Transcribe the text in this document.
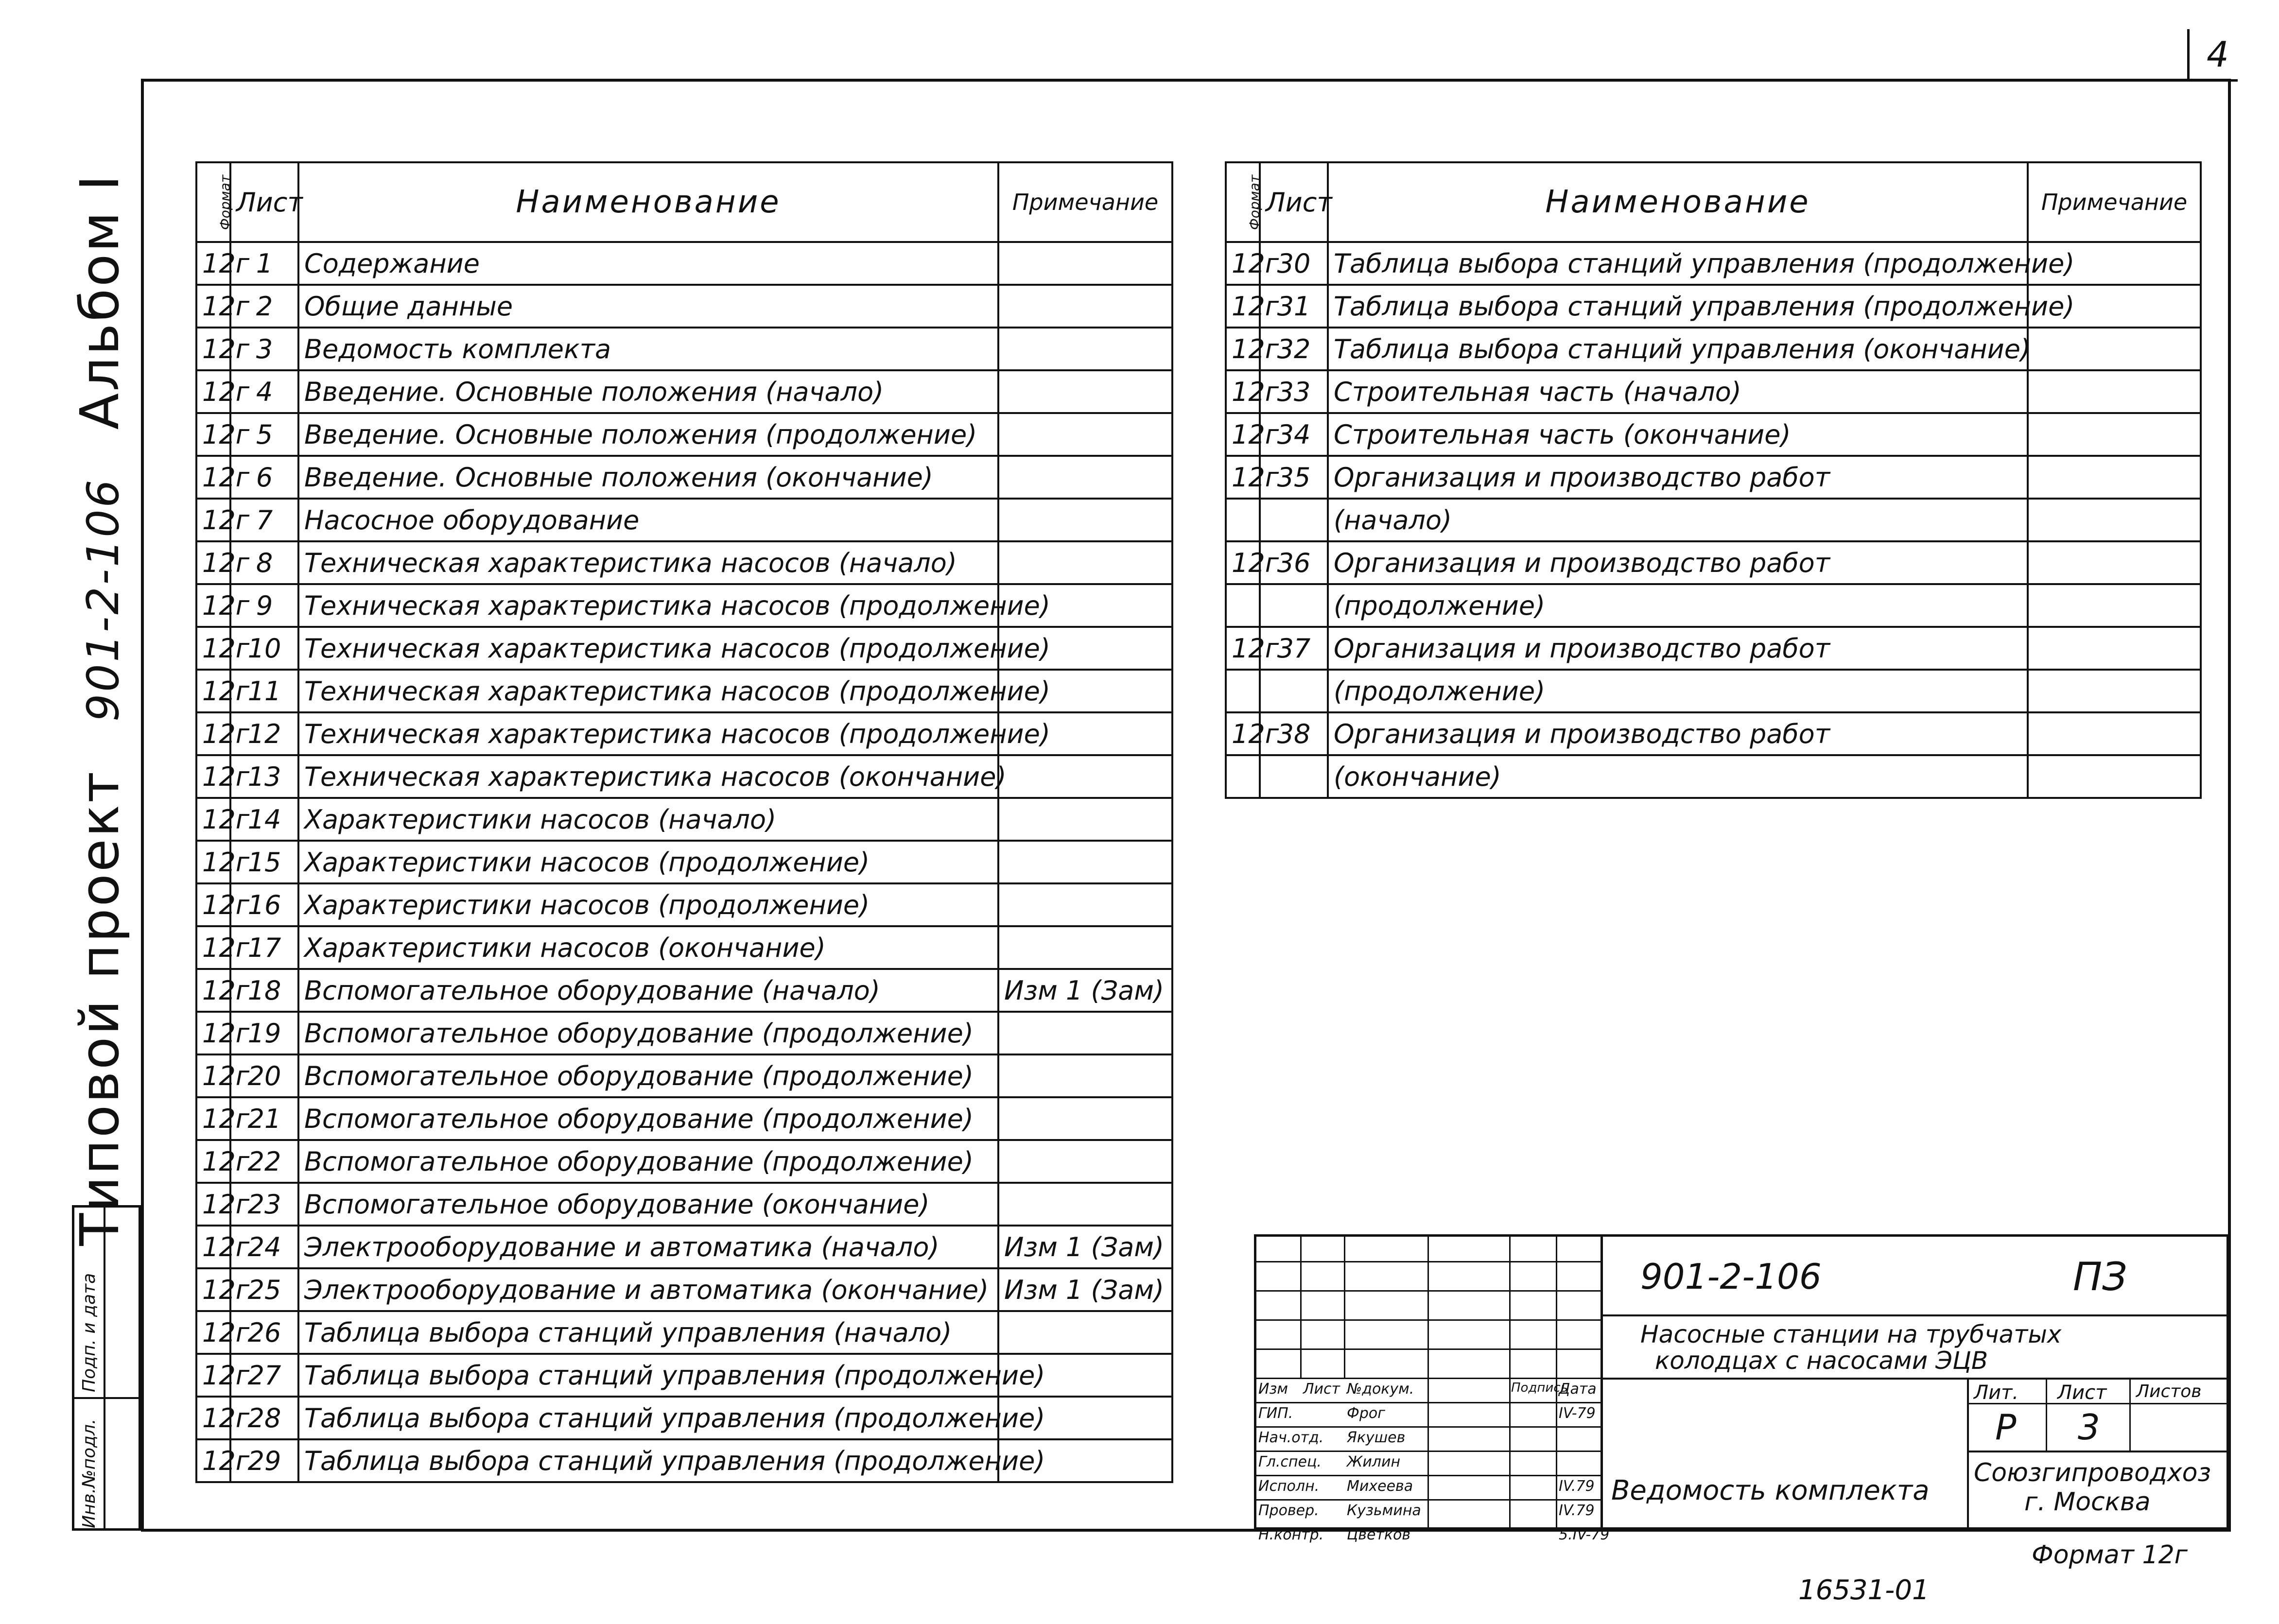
4
Типовой проект 901-2-106 Альбом I
Подп. и дата
Инв.№подл.
Формат	Лист	Наименование	Примечание
12г	1	Содержание	
12г	2	Общие данные	
12г	3	Ведомость комплекта	
12г	4	Введение. Основные положения (начало)	
12г	5	Введение. Основные положения (продолжение)	
12г	6	Введение. Основные положения (окончание)	
12г	7	Насосное оборудование	
12г	8	Техническая характеристика насосов (начало)	
12г	9	Техническая характеристика насосов (продолжение)	
12г	10	Техническая характеристика насосов (продолжение)	
12г	11	Техническая характеристика насосов (продолжение)	
12г	12	Техническая характеристика насосов (продолжение)	
12г	13	Техническая характеристика насосов (окончание)	
12г	14	Характеристики насосов (начало)	
12г	15	Характеристики насосов (продолжение)	
12г	16	Характеристики насосов (продолжение)	
12г	17	Характеристики насосов (окончание)	
12г	18	Вспомогательное оборудование (начало)	Изм 1 (Зам)
12г	19	Вспомогательное оборудование (продолжение)	
12г	20	Вспомогательное оборудование (продолжение)	
12г	21	Вспомогательное оборудование (продолжение)	
12г	22	Вспомогательное оборудование (продолжение)	
12г	23	Вспомогательное оборудование (окончание)	
12г	24	Электрооборудование и автоматика (начало)	Изм 1 (Зам)
12г	25	Электрооборудование и автоматика (окончание)	Изм 1 (Зам)
12г	26	Таблица выбора станций управления (начало)	
12г	27	Таблица выбора станций управления (продолжение)	
12г	28	Таблица выбора станций управления (продолжение)	
12г	29	Таблица выбора станций управления (продолжение)	
Формат	Лист	Наименование	Примечание
12г	30	Таблица выбора станций управления (продолжение)	
12г	31	Таблица выбора станций управления (продолжение)	
12г	32	Таблица выбора станций управления (окончание)	
12г	33	Строительная часть (начало)	
12г	34	Строительная часть (окончание)	
12г	35	Организация и производство работ	
		(начало)	
12г	36	Организация и производство работ	
		(продолжение)	
12г	37	Организация и производство работ	
		(продолжение)	
12г	38	Организация и производство работ	
		(окончание)	
Изм Лист №докум.	Подпись
Дата
ГИП.	Фрог	IV-79
Нач.отд. Якушев
Гл.спец. Жилин
Исполн. Михеева	IV.79
Провер. Кузьмина	IV.79
Н.контр. Цветков	5.IV-79
901-2-106	ПЗ
Насосные станции на трубчатых
колодцах с насосами ЭЦВ
Ведомость комплекта
Лит. Лист Листов
Р 3
Союзгипроводхоз
г. Москва
Формат 12г
16531-01
